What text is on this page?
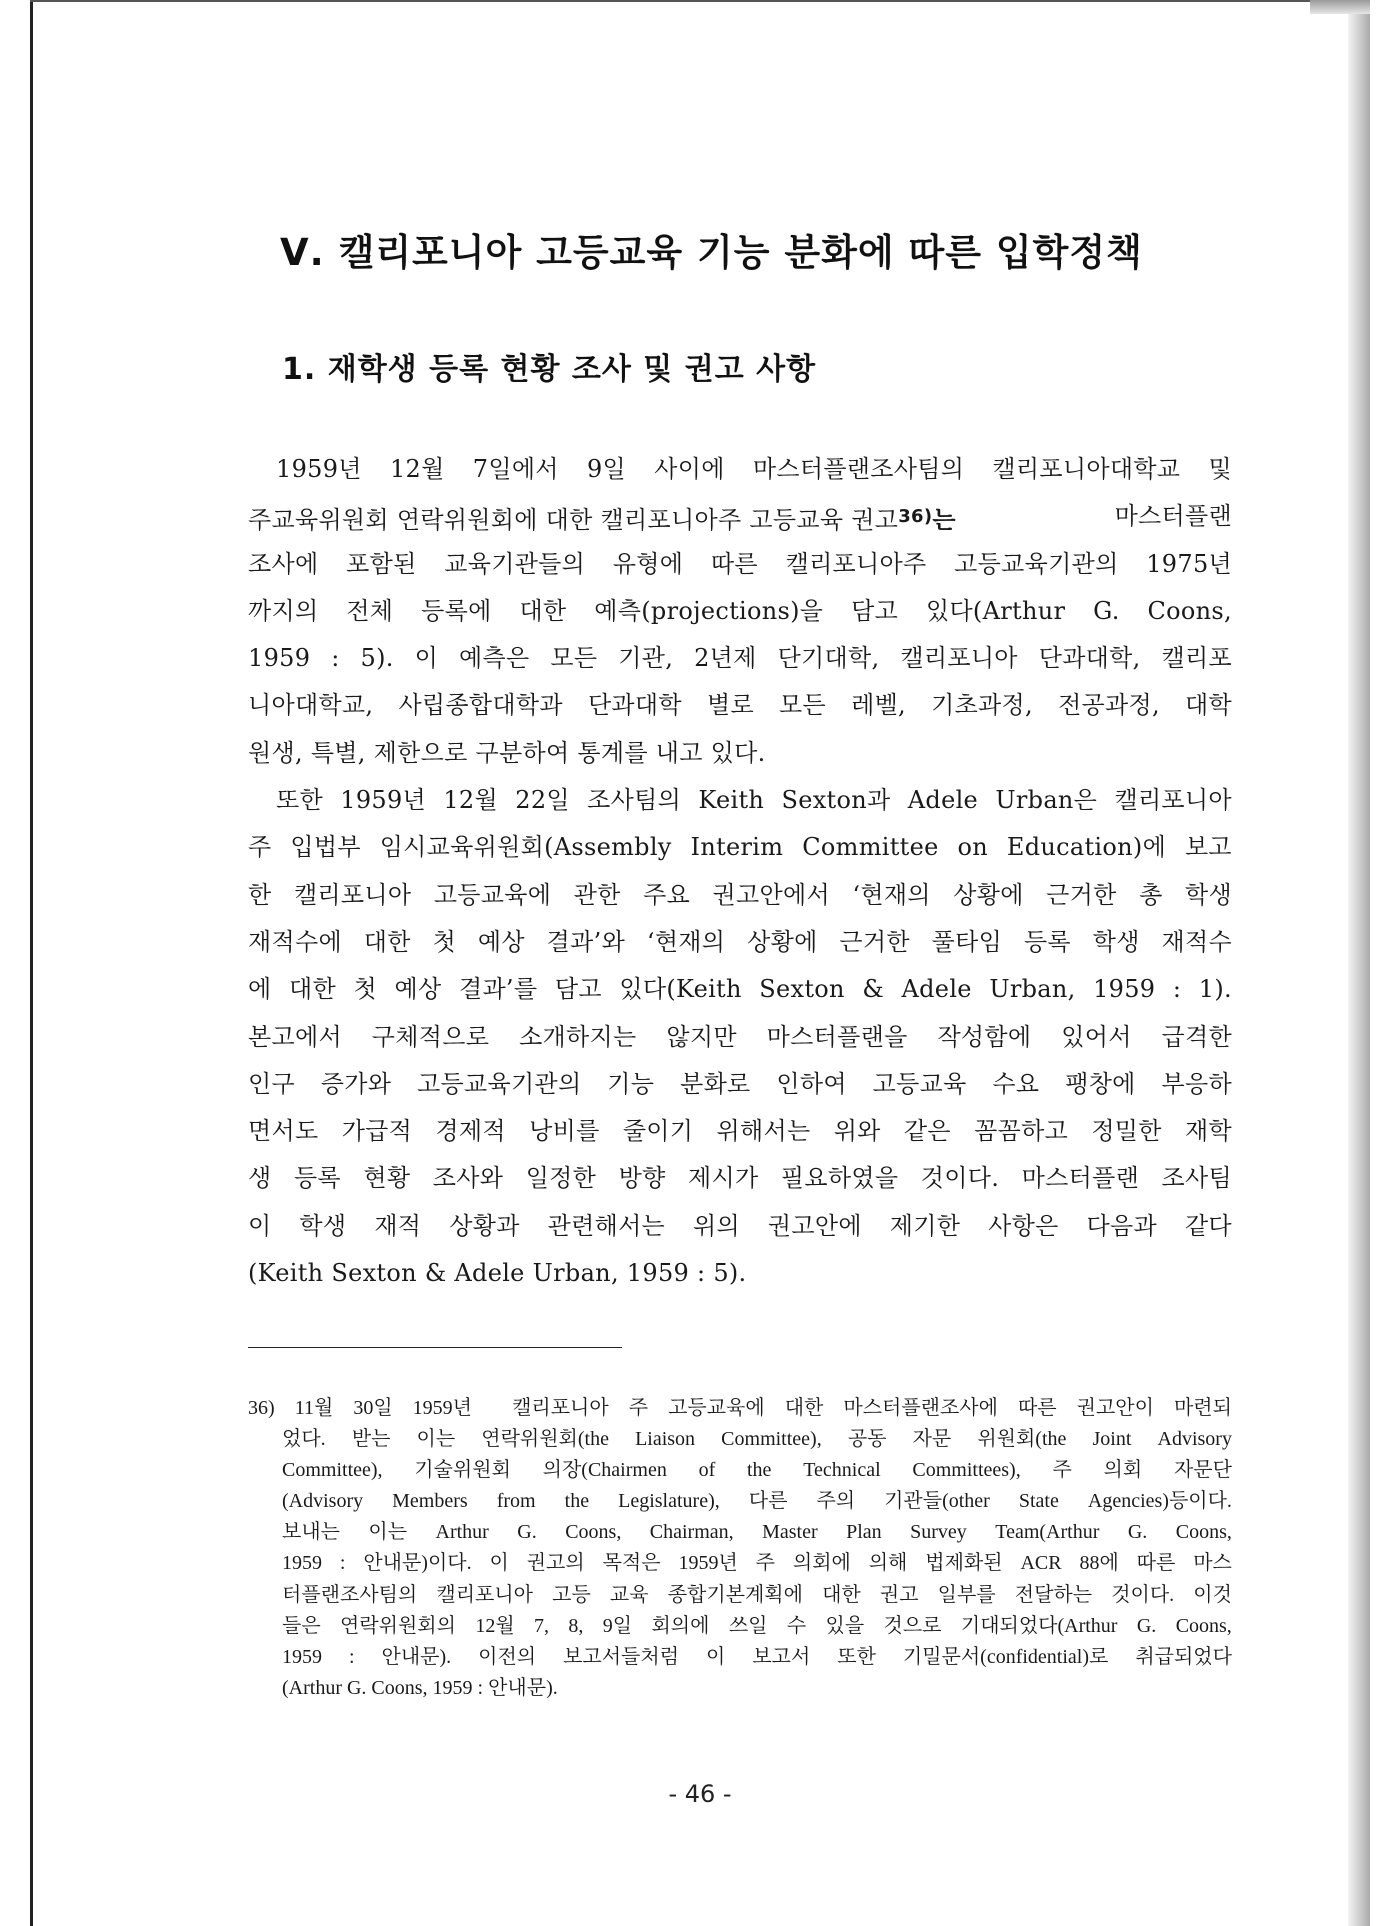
Ⅴ. 캘리포니아 고등교육 기능 분화에 따른 입학정책
1. 재학생 등록 현황 조사 및 권고 사항
1959년 12월 7일에서 9일 사이에 마스터플랜조사팀의 캘리포니아대학교 및
주교육위원회 연락위원회에 대한 캘리포니아주 고등교육 권고$^{36)}$는	마스터플랜
조사에 포함된 교육기관들의 유형에 따른 캘리포니아주 고등교육기관의 1975년
까지의 전체 등록에 대한 예측(projections)을 담고 있다(Arthur G. Coons,
1959 : 5). 이 예측은 모든 기관, 2년제 단기대학, 캘리포니아 단과대학, 캘리포
니아대학교, 사립종합대학과 단과대학 별로 모든 레벨, 기초과정, 전공과정, 대학
원생, 특별, 제한으로 구분하여 통계를 내고 있다.
또한 1959년 12월 22일 조사팀의 Keith Sexton과 Adele Urban은 캘리포니아
주 입법부 임시교육위원회(Assembly Interim Committee on Education)에 보고
한 캘리포니아 고등교육에 관한 주요 권고안에서 ‘현재의 상황에 근거한 총 학생
재적수에 대한 첫 예상 결과’와 ‘현재의 상황에 근거한 풀타임 등록 학생 재적수
에 대한 첫 예상 결과’를 담고 있다(Keith Sexton & Adele Urban, 1959 : 1).
본고에서 구체적으로 소개하지는 않지만 마스터플랜을 작성함에 있어서 급격한
인구 증가와 고등교육기관의 기능 분화로 인하여 고등교육 수요 팽창에 부응하
면서도 가급적 경제적 낭비를 줄이기 위해서는 위와 같은 꼼꼼하고 정밀한 재학
생 등록 현황 조사와 일정한 방향 제시가 필요하였을 것이다. 마스터플랜 조사팀
이 학생 재적 상황과 관련해서는 위의 권고안에 제기한 사항은 다음과 같다
(Keith Sexton & Adele Urban, 1959 : 5).
36) 11월 30일 1959년 캘리포니아 주 고등교육에 대한 마스터플랜조사에 따른 권고안이 마련되
었다. 받는 이는 연락위원회(the Liaison Committee), 공동 자문 위원회(the Joint Advisory
Committee), 기술위원회 의장(Chairmen of the Technical Committees), 주 의회 자문단
(Advisory Members from the Legislature), 다른 주의 기관들(other State Agencies)등이다.
보내는 이는 Arthur G. Coons, Chairman, Master Plan Survey Team(Arthur G. Coons,
1959 : 안내문)이다. 이 권고의 목적은 1959년 주 의회에 의해 법제화된 ACR 88에 따른 마스
터플랜조사팀의 캘리포니아 고등 교육 종합기본계획에 대한 권고 일부를 전달하는 것이다. 이것
들은 연락위원회의 12월 7, 8, 9일 회의에 쓰일 수 있을 것으로 기대되었다(Arthur G. Coons,
1959 : 안내문). 이전의 보고서들처럼 이 보고서 또한 기밀문서(confidential)로 취급되었다
(Arthur G. Coons, 1959 : 안내문).
- 46 -
